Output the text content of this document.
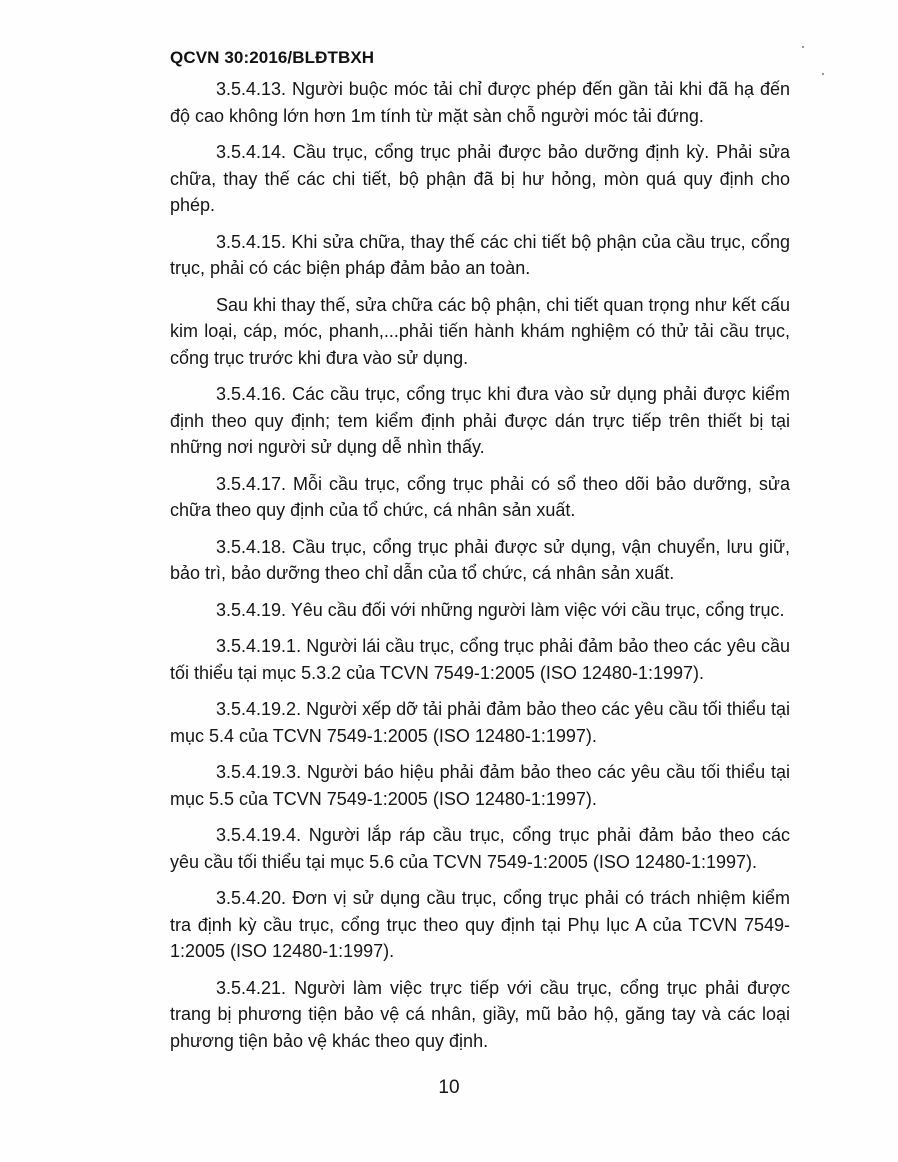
QCVN 30:2016/BLĐTBXH

3.5.4.13. Người buộc móc tải chỉ được phép đến gần tải khi đã hạ đến độ cao không lớn hơn 1m tính từ mặt sàn chỗ người móc tải đứng.

3.5.4.14. Cầu trục, cổng trục phải được bảo dưỡng định kỳ. Phải sửa chữa, thay thế các chi tiết, bộ phận đã bị hư hỏng, mòn quá quy định cho phép.

3.5.4.15. Khi sửa chữa, thay thế các chi tiết bộ phận của cầu trục, cổng trục, phải có các biện pháp đảm bảo an toàn.

Sau khi thay thế, sửa chữa các bộ phận, chi tiết quan trọng như kết cấu kim loại, cáp, móc, phanh,...phải tiến hành khám nghiệm có thử tải cầu trục, cổng trục trước khi đưa vào sử dụng.

3.5.4.16. Các cầu trục, cổng trục khi đưa vào sử dụng phải được kiểm định theo quy định; tem kiểm định phải được dán trực tiếp trên thiết bị tại những nơi người sử dụng dễ nhìn thấy.

3.5.4.17. Mỗi cầu trục, cổng trục phải có sổ theo dõi bảo dưỡng, sửa chữa theo quy định của tổ chức, cá nhân sản xuất.

3.5.4.18. Cầu trục, cổng trục phải được sử dụng, vận chuyển, lưu giữ, bảo trì, bảo dưỡng theo chỉ dẫn của tổ chức, cá nhân sản xuất.

3.5.4.19. Yêu cầu đối với những người làm việc với cầu trục, cổng trục.

3.5.4.19.1. Người lái cầu trục, cổng trục phải đảm bảo theo các yêu cầu tối thiểu tại mục 5.3.2 của TCVN 7549-1:2005 (ISO 12480-1:1997).

3.5.4.19.2. Người xếp dỡ tải phải đảm bảo theo các yêu cầu tối thiểu tại mục 5.4 của TCVN 7549-1:2005 (ISO 12480-1:1997).

3.5.4.19.3. Người báo hiệu phải đảm bảo theo các yêu cầu tối thiểu tại mục 5.5 của TCVN 7549-1:2005 (ISO 12480-1:1997).

3.5.4.19.4. Người lắp ráp cầu trục, cổng trục phải đảm bảo theo các yêu cầu tối thiểu tại mục 5.6 của TCVN 7549-1:2005 (ISO 12480-1:1997).

3.5.4.20. Đơn vị sử dụng cầu trục, cổng trục phải có trách nhiệm kiểm tra định kỳ cầu trục, cổng trục theo quy định tại Phụ lục A của TCVN 7549-1:2005 (ISO 12480-1:1997).

3.5.4.21. Người làm việc trực tiếp với cầu trục, cổng trục phải được trang bị phương tiện bảo vệ cá nhân, giầy, mũ bảo hộ, găng tay và các loại phương tiện bảo vệ khác theo quy định.

10
